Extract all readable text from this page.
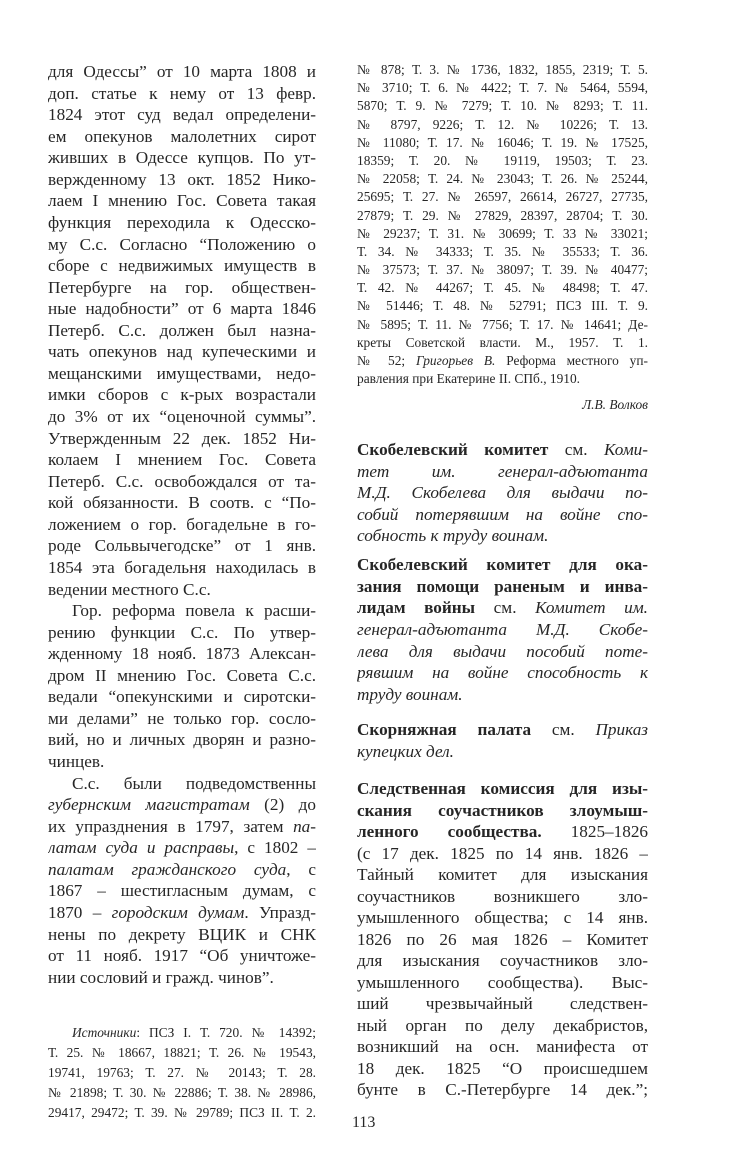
для Одессы” от 10 марта 1808 и
доп. статье к нему от 13 февр.
1824 этот суд ведал определени-
ем опекунов малолетних сирот
живших в Одессе купцов. По ут-
вержденному 13 окт. 1852 Нико-
лаем I мнению Гос. Совета такая
функция переходила к Одесско-
му С.с. Согласно “Положению о
сборе с недвижимых имуществ в
Петербурге на гор. обществен-
ные надобности” от 6 марта 1846
Петерб. С.с. должен был назна-
чать опекунов над купеческими и
мещанскими имуществами, недо-
имки сборов с к-рых возрастали
до 3% от их “оценочной суммы”.
Утвержденным 22 дек. 1852 Ни-
колаем I мнением Гос. Совета
Петерб. С.с. освобождался от та-
кой обязанности. В соотв. с “По-
ложением о гор. богадельне в го-
роде Сольвычегодске” от 1 янв.
1854 эта богадельня находилась в
ведении местного С.с.
Гор. реформа повела к расши-
рению функции С.с. По утвер-
жденному 18 нояб. 1873 Алексан-
дром II мнению Гос. Совета С.с.
ведали “опекунскими и сиротски-
ми делами” не только гор. сосло-
вий, но и личных дворян и разно-
чинцев.
С.с. были подведомственны
губернским магистратам (2) до
их упразднения в 1797, затем па-
латам суда и расправы, с 1802 –
палатам гражданского суда, с
1867 – шестигласным думам, с
1870 – городским думам. Упразд-
нены по декрету ВЦИК и СНК
от 11 нояб. 1917 “Об уничтоже-
нии сословий и гражд. чинов”.
Источники: ПСЗ I. Т. 720. № 14392;
Т. 25. № 18667, 18821; Т. 26. № 19543,
19741, 19763; Т. 27. № 20143; Т. 28.
№ 21898; Т. 30. № 22886; Т. 38. № 28986,
29417, 29472; Т. 39. № 29789; ПСЗ II. Т. 2.
№ 878; Т. 3. № 1736, 1832, 1855, 2319; Т. 5.
№ 3710; Т. 6. № 4422; Т. 7. № 5464, 5594,
5870; Т. 9. № 7279; Т. 10. № 8293; Т. 11.
№ 8797, 9226; Т. 12. № 10226; Т. 13.
№ 11080; Т. 17. № 16046; Т. 19. № 17525,
18359; Т. 20. № 19119, 19503; Т. 23.
№ 22058; Т. 24. № 23043; Т. 26. № 25244,
25695; Т. 27. № 26597, 26614, 26727, 27735,
27879; Т. 29. № 27829, 28397, 28704; Т. 30.
№ 29237; Т. 31. № 30699; Т. 33 № 33021;
Т. 34. № 34333; Т. 35. № 35533; Т. 36.
№ 37573; Т. 37. № 38097; Т. 39. № 40477;
Т. 42. № 44267; Т. 45. № 48498; Т. 47.
№ 51446; Т. 48. № 52791; ПСЗ III. Т. 9.
№ 5895; Т. 11. № 7756; Т. 17. № 14641; Де-
креты Советской власти. М., 1957. Т. 1.
№ 52; Григорьев В. Реформа местного уп-
равления при Екатерине II. СПб., 1910.
Л.В. Волков
Скобелевский комитет см. Коми-
тет им. генерал-адъютанта
М.Д. Скобелева для выдачи по-
собий потерявшим на войне спо-
собность к труду воинам.
Скобелевский комитет для ока-
зания помощи раненым и инва-
лидам войны см. Комитет им.
генерал-адъютанта М.Д. Скобе-
лева для выдачи пособий поте-
рявшим на войне способность к
труду воинам.
Скорняжная палата см. Приказ
купецких дел.
Следственная комиссия для изы-
скания соучастников злоумыш-
ленного сообщества. 1825–1826
(с 17 дек. 1825 по 14 янв. 1826 –
Тайный комитет для изыскания
соучастников возникшего зло-
умышленного общества; с 14 янв.
1826 по 26 мая 1826 – Комитет
для изыскания соучастников зло-
умышленного сообщества). Выс-
ший чрезвычайный следствен-
ный орган по делу декабристов,
возникший на осн. манифеста от
18 дек. 1825 “О происшедшем
бунте в С.-Петербурге 14 дек.”;
113
